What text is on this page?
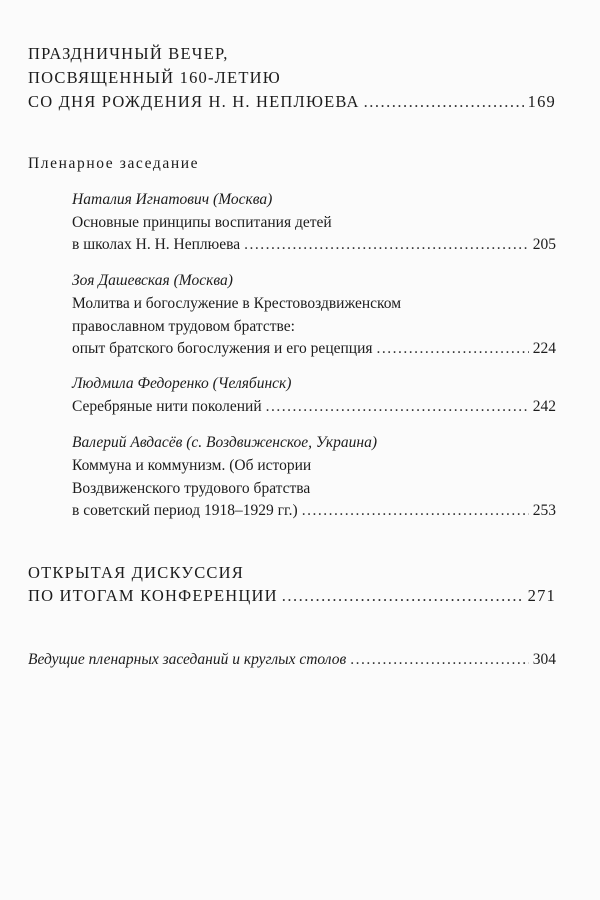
ПРАЗДНИЧНЫЙ ВЕЧЕР,
ПОСВЯЩЕННЫЙ 160-ЛЕТИЮ
СО ДНЯ РОЖДЕНИЯ Н. Н. НЕПЛЮЕВА .....	169
Пленарное заседание
Наталия Игнатович (Москва)
Основные принципы воспитания детей
в школах Н. Н. Неплюева .....	205
Зоя Дашевская (Москва)
Молитва и богослужение в Крестовоздвиженском
православном трудовом братстве:
опыт братского богослужения и его рецепция .....	224
Людмила Федоренко (Челябинск)
Серебряные нити поколений .....	242
Валерий Авдасёв (с. Воздвиженское, Украина)
Коммуна и коммунизм. (Об истории
Воздвиженского трудового братства
в советский период 1918–1929 гг.) .....	253
ОТКРЫТАЯ ДИСКУССИЯ
ПО ИТОГАМ КОНФЕРЕНЦИИ .....	271
Ведущие пленарных заседаний и круглых столов .....	304
